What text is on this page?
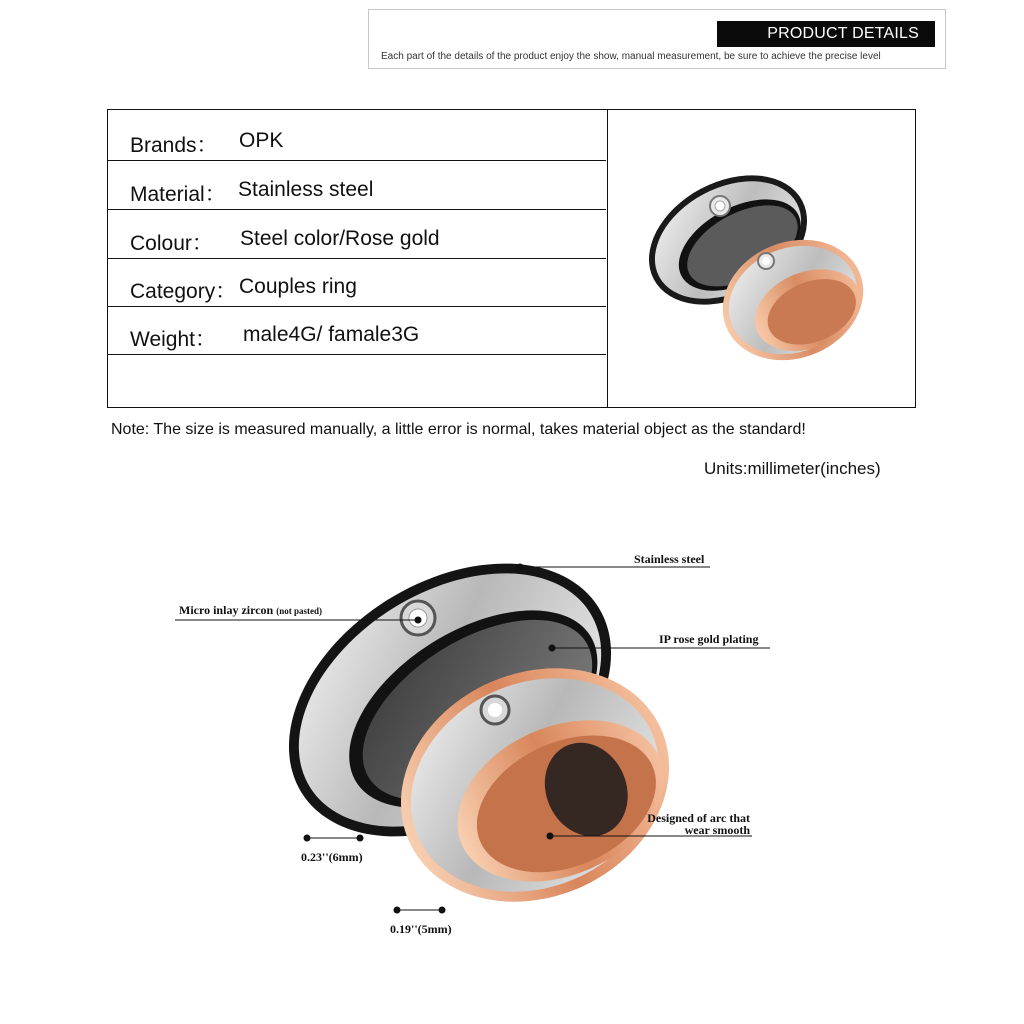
PRODUCT DETAILS
Each part of the details of the product enjoy the show, manual measurement, be sure to achieve the precise level
Brands： OPK
Material： Stainless steel
Colour： Steel color/Rose gold
Category： Couples ring
Weight： male4G/ famale3G
Note: The size is measured manually, a little error is normal, takes material object as the standard!
Units:millimeter(inches)
Stainless steel
Micro inlay zircon (not pasted)
IP rose gold plating
Designed of arc that
wear smooth
0.23''(6mm)
0.19''(5mm)
